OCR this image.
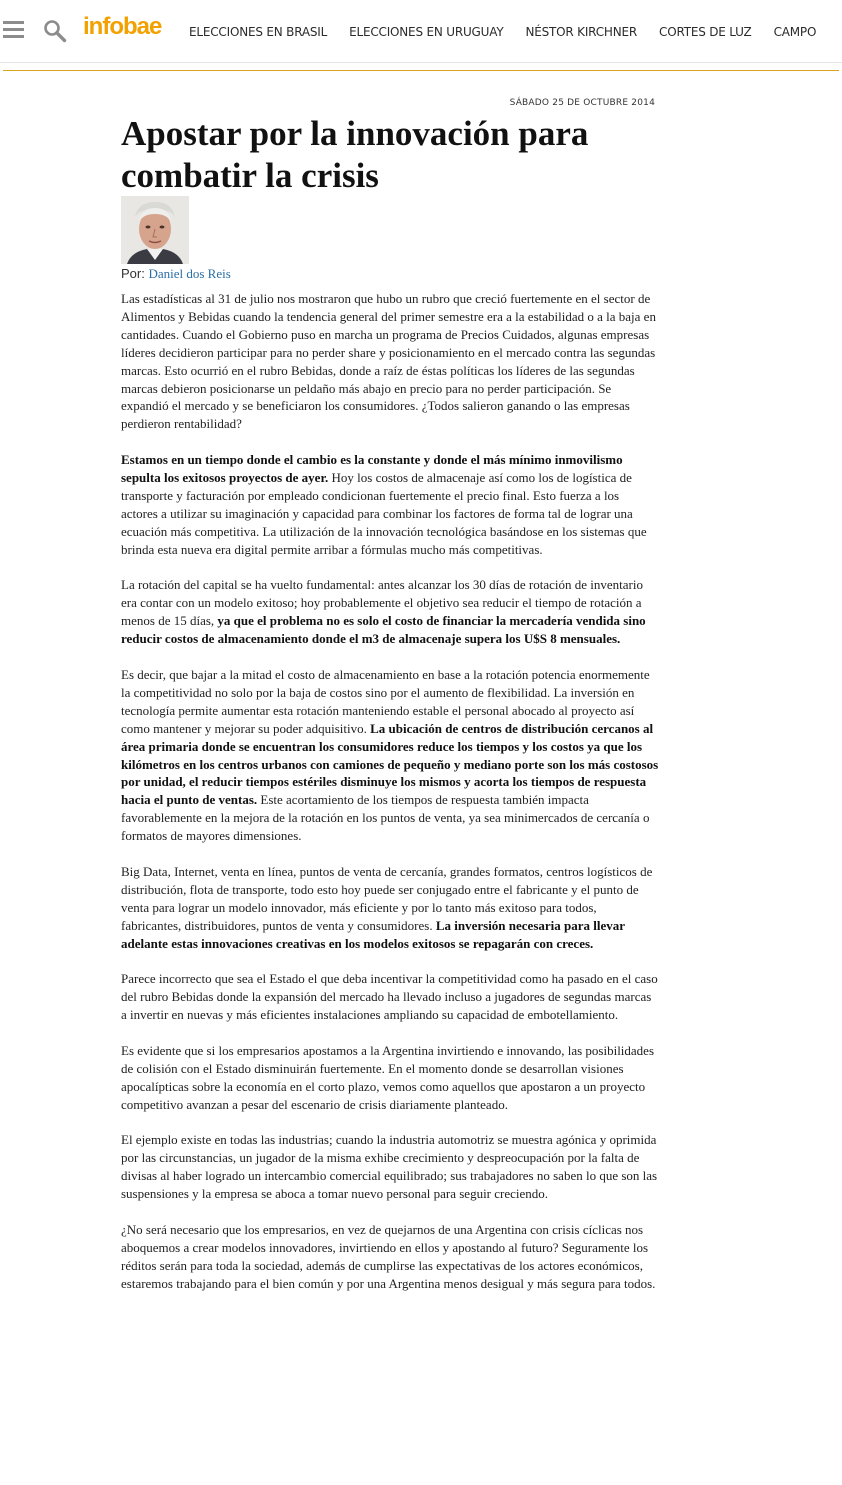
infobae ELECCIONES EN BRASIL ELECCIONES EN URUGUAY NÉSTOR KIRCHNER CORTES DE LUZ CAMPO
SÁBADO 25 DE OCTUBRE 2014
Apostar por la innovación para combatir la crisis
Por: Daniel dos Reis

Las estadísticas al 31 de julio nos mostraron que hubo un rubro que creció fuertemente en el sector de Alimentos y Bebidas cuando la tendencia general del primer semestre era a la estabilidad o a la baja en cantidades. Cuando el Gobierno puso en marcha un programa de Precios Cuidados, algunas empresas líderes decidieron participar para no perder share y posicionamiento en el mercado contra las segundas marcas. Esto ocurrió en el rubro Bebidas, donde a raíz de éstas políticas los líderes de las segundas marcas debieron posicionarse un peldaño más abajo en precio para no perder participación. Se expandió el mercado y se beneficiaron los consumidores. ¿Todos salieron ganando o las empresas perdieron rentabilidad?

Estamos en un tiempo donde el cambio es la constante y donde el más mínimo inmovilismo sepulta los exitosos proyectos de ayer. Hoy los costos de almacenaje así como los de logística de transporte y facturación por empleado condicionan fuertemente el precio final. Esto fuerza a los actores a utilizar su imaginación y capacidad para combinar los factores de forma tal de lograr una ecuación más competitiva. La utilización de la innovación tecnológica basándose en los sistemas que brinda esta nueva era digital permite arribar a fórmulas mucho más competitivas.

La rotación del capital se ha vuelto fundamental: antes alcanzar los 30 días de rotación de inventario era contar con un modelo exitoso; hoy probablemente el objetivo sea reducir el tiempo de rotación a menos de 15 días, ya que el problema no es solo el costo de financiar la mercadería vendida sino reducir costos de almacenamiento donde el m3 de almacenaje supera los U$S 8 mensuales.

Es decir, que bajar a la mitad el costo de almacenamiento en base a la rotación potencia enormemente la competitividad no solo por la baja de costos sino por el aumento de flexibilidad. La inversión en tecnología permite aumentar esta rotación manteniendo estable el personal abocado al proyecto así como mantener y mejorar su poder adquisitivo. La ubicación de centros de distribución cercanos al área primaria donde se encuentran los consumidores reduce los tiempos y los costos ya que los kilómetros en los centros urbanos con camiones de pequeño y mediano porte son los más costosos por unidad, el reducir tiempos estériles disminuye los mismos y acorta los tiempos de respuesta hacia el punto de ventas. Este acortamiento de los tiempos de respuesta también impacta favorablemente en la mejora de la rotación en los puntos de venta, ya sea minimercados de cercanía o formatos de mayores dimensiones.

Big Data, Internet, venta en línea, puntos de venta de cercanía, grandes formatos, centros logísticos de distribución, flota de transporte, todo esto hoy puede ser conjugado entre el fabricante y el punto de venta para lograr un modelo innovador, más eficiente y por lo tanto más exitoso para todos, fabricantes, distribuidores, puntos de venta y consumidores. La inversión necesaria para llevar adelante estas innovaciones creativas en los modelos exitosos se repagarán con creces.

Parece incorrecto que sea el Estado el que deba incentivar la competitividad como ha pasado en el caso del rubro Bebidas donde la expansión del mercado ha llevado incluso a jugadores de segundas marcas a invertir en nuevas y más eficientes instalaciones ampliando su capacidad de embotellamiento.

Es evidente que si los empresarios apostamos a la Argentina invirtiendo e innovando, las posibilidades de colisión con el Estado disminuirán fuertemente. En el momento donde se desarrollan visiones apocalípticas sobre la economía en el corto plazo, vemos como aquellos que apostaron a un proyecto competitivo avanzan a pesar del escenario de crisis diariamente planteado.

El ejemplo existe en todas las industrias; cuando la industria automotriz se muestra agónica y oprimida por las circunstancias, un jugador de la misma exhibe crecimiento y despreocupación por la falta de divisas al haber logrado un intercambio comercial equilibrado; sus trabajadores no saben lo que son las suspensiones y la empresa se aboca a tomar nuevo personal para seguir creciendo.

¿No será necesario que los empresarios, en vez de quejarnos de una Argentina con crisis cíclicas nos aboquemos a crear modelos innovadores, invirtiendo en ellos y apostando al futuro? Seguramente los réditos serán para toda la sociedad, además de cumplirse las expectativas de los actores económicos, estaremos trabajando para el bien común y por una Argentina menos desigual y más segura para todos.
